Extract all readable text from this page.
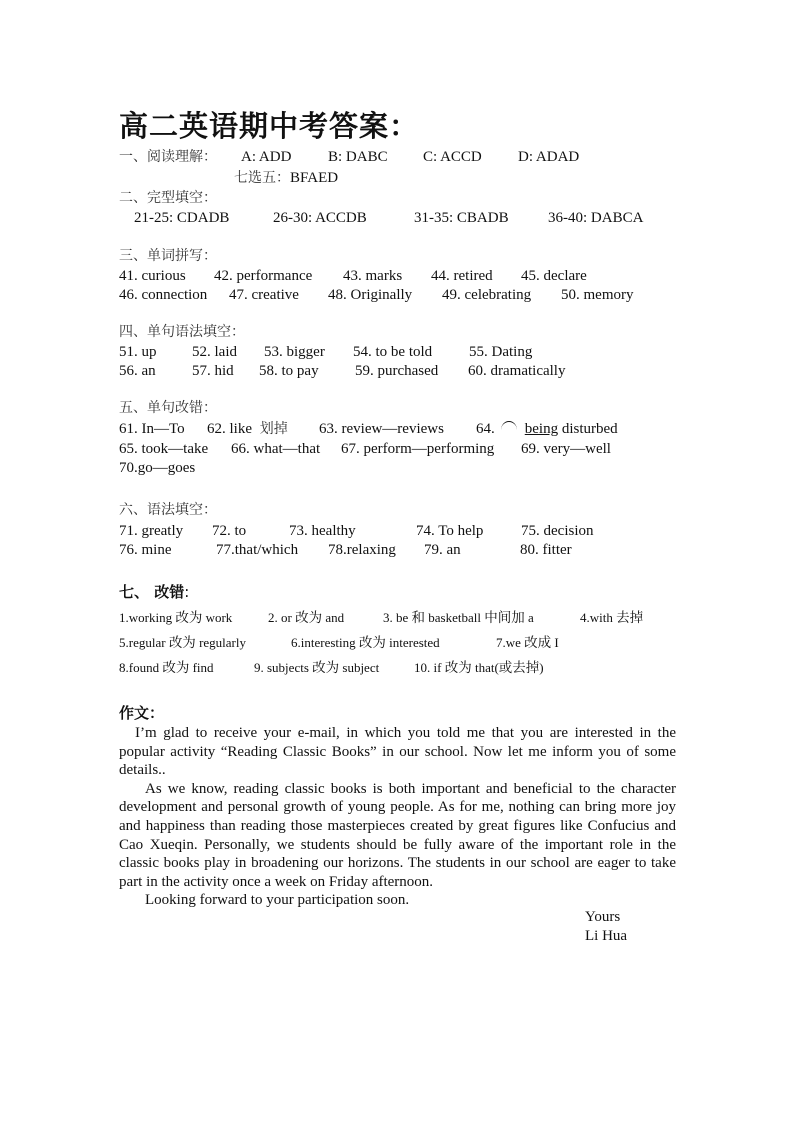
高二英语期中考答案：
一、阅读理解： A: ADD B: DABC C: ACCD D: ADAD
七选五：BFAED
二、完型填空：
21-25: CDADB	26-30: ACCDB	31-35: CBADB	36-40: DABCA
三、单词拼写：
41. curious 42. performance 43. marks 44. retired 45. declare
46. connection 47. creative 48. Originally 49. celebrating 50. memory
四、单句语法填空：
51. up 52. laid 53. bigger 54. to be told 55. Dating
56. an 57. hid 58. to pay 59. purchased 60. dramatically
五、单句改错：
61. In—To 62. like 划掉 63. review—reviews 64. being disturbed
65. took—take 66. what—that 67. perform—performing 69. very—well
70.go—goes
六、语法填空：
71. greatly 72. to	73. healthy	74. To help	75. decision
76. mine	77.that/which 78.relaxing 79. an	80. fitter
七、 改错:
1.working 改为 work	2. or 改为 and	3. be 和 basketball 中间加 a	4.with 去掉
5.regular 改为 regularly	6.interesting 改为 interested	7.we 改成 I
8.found 改为 find	9. subjects 改为 subject	10. if 改为 that(或去掉)
作文：

I’m glad to receive your e-mail, in which you told me that you are interested in the popular activity “Reading Classic Books” in our school. Now let me inform you of some details..

As we know, reading classic books is both important and beneficial to the character development and personal growth of young people. As for me, nothing can bring more joy and happiness than reading those masterpieces created by great figures like Confucius and Cao Xueqin. Personally, we students should be fully aware of the important role in the classic books play in broadening our horizons. The students in our school are eager to take part in the activity once a week on Friday afternoon.

Looking forward to your participation soon.

Yours
Li Hua
